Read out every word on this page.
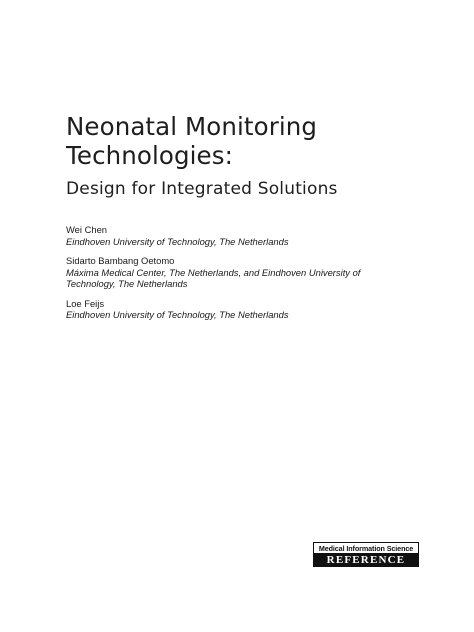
Neonatal Monitoring
Technologies:
Design for Integrated Solutions
Wei Chen
Eindhoven University of Technology, The Netherlands
Sidarto Bambang Oetomo
Máxima Medical Center, The Netherlands, and Eindhoven University of
Technology, The Netherlands
Loe Feijs
Eindhoven University of Technology, The Netherlands
Medical Information Science
REFERENCE
